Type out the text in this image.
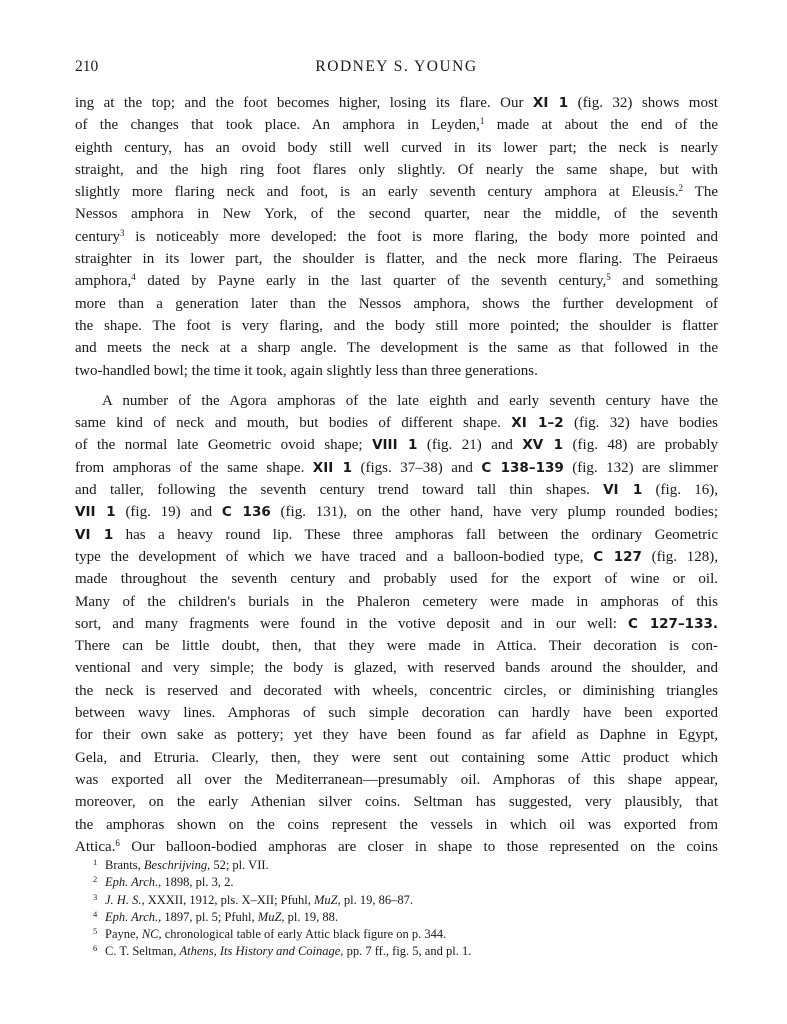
210	RODNEY S. YOUNG
ing at the top; and the foot becomes higher, losing its flare. Our XI 1 (fig. 32) shows most
of the changes that took place. An amphora in Leyden,$^1$ made at about the end of the
eighth century, has an ovoid body still well curved in its lower part; the neck is nearly
straight, and the high ring foot flares only slightly. Of nearly the same shape, but with
slightly more flaring neck and foot, is an early seventh century amphora at Eleusis.$^2$ The
Nessos amphora in New York, of the second quarter, near the middle, of the seventh
century$^3$ is noticeably more developed: the foot is more flaring, the body more pointed and
straighter in its lower part, the shoulder is flatter, and the neck more flaring. The Peiraeus
amphora,$^4$ dated by Payne early in the last quarter of the seventh century,$^5$ and something
more than a generation later than the Nessos amphora, shows the further development of
the shape. The foot is very flaring, and the body still more pointed; the shoulder is flatter
and meets the neck at a sharp angle. The development is the same as that followed in the
two-handled bowl; the time it took, again slightly less than three generations.
A number of the Agora amphoras of the late eighth and early seventh century have the
same kind of neck and mouth, but bodies of different shape. XI 1–2 (fig. 32) have bodies
of the normal late Geometric ovoid shape; VIII 1 (fig. 21) and XV 1 (fig. 48) are probably
from amphoras of the same shape. XII 1 (figs. 37–38) and C 138–139 (fig. 132) are slimmer
and taller, following the seventh century trend toward tall thin shapes. VI 1 (fig. 16),
VII 1 (fig. 19) and C 136 (fig. 131), on the other hand, have very plump rounded bodies;
VI 1 has a heavy round lip. These three amphoras fall between the ordinary Geometric
type the development of which we have traced and a balloon-bodied type, C 127 (fig. 128),
made throughout the seventh century and probably used for the export of wine or oil.
Many of the children's burials in the Phaleron cemetery were made in amphoras of this
sort, and many fragments were found in the votive deposit and in our well: C 127–133.
There can be little doubt, then, that they were made in Attica. Their decoration is con-
ventional and very simple; the body is glazed, with reserved bands around the shoulder, and
the neck is reserved and decorated with wheels, concentric circles, or diminishing triangles
between wavy lines. Amphoras of such simple decoration can hardly have been exported
for their own sake as pottery; yet they have been found as far afield as Daphne in Egypt,
Gela, and Etruria. Clearly, then, they were sent out containing some Attic product which
was exported all over the Mediterranean—presumably oil. Amphoras of this shape appear,
moreover, on the early Athenian silver coins. Seltman has suggested, very plausibly, that
the amphoras shown on the coins represent the vessels in which oil was exported from
Attica.$^6$ Our balloon-bodied amphoras are closer in shape to those represented on the coins
1 Brants, Beschrijving, 52; pl. VII.
2 Eph. Arch., 1898, pl. 3, 2.
3 J. H. S., XXXII, 1912, pls. X–XII; Pfuhl, MuZ, pl. 19, 86–87.
4 Eph. Arch., 1897, pl. 5; Pfuhl, MuZ, pl. 19, 88.
5 Payne, NC, chronological table of early Attic black figure on p. 344.
6 C. T. Seltman, Athens, Its History and Coinage, pp. 7 ff., fig. 5, and pl. 1.
